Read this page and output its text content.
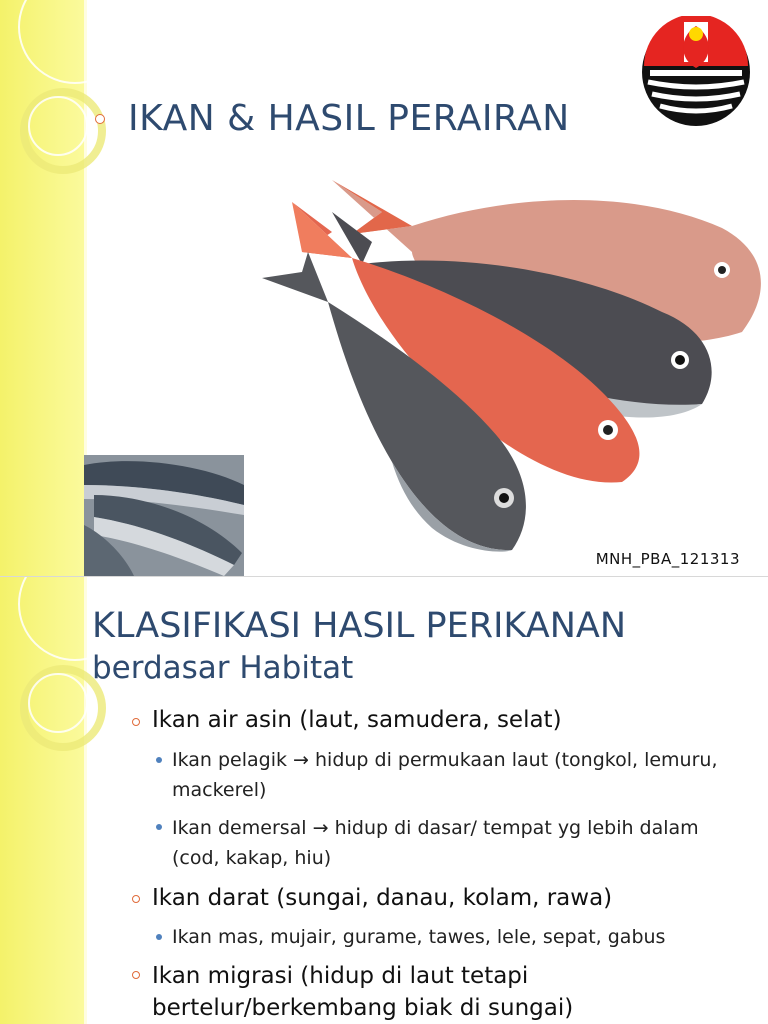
IKAN & HASIL PERAIRAN
MNH_PBA_121313
KLASIFIKASI HASIL PERIKANAN
berdasar Habitat
Ikan air asin (laut, samudera, selat)
Ikan pelagik → hidup di permukaan laut (tongkol, lemuru, mackerel)
Ikan demersal → hidup di dasar/ tempat yg lebih dalam (cod, kakap, hiu)
Ikan darat (sungai, danau, kolam, rawa)
Ikan mas, mujair, gurame, tawes, lele, sepat, gabus
Ikan migrasi (hidup di laut tetapi bertelur/berkembang biak di sungai)
